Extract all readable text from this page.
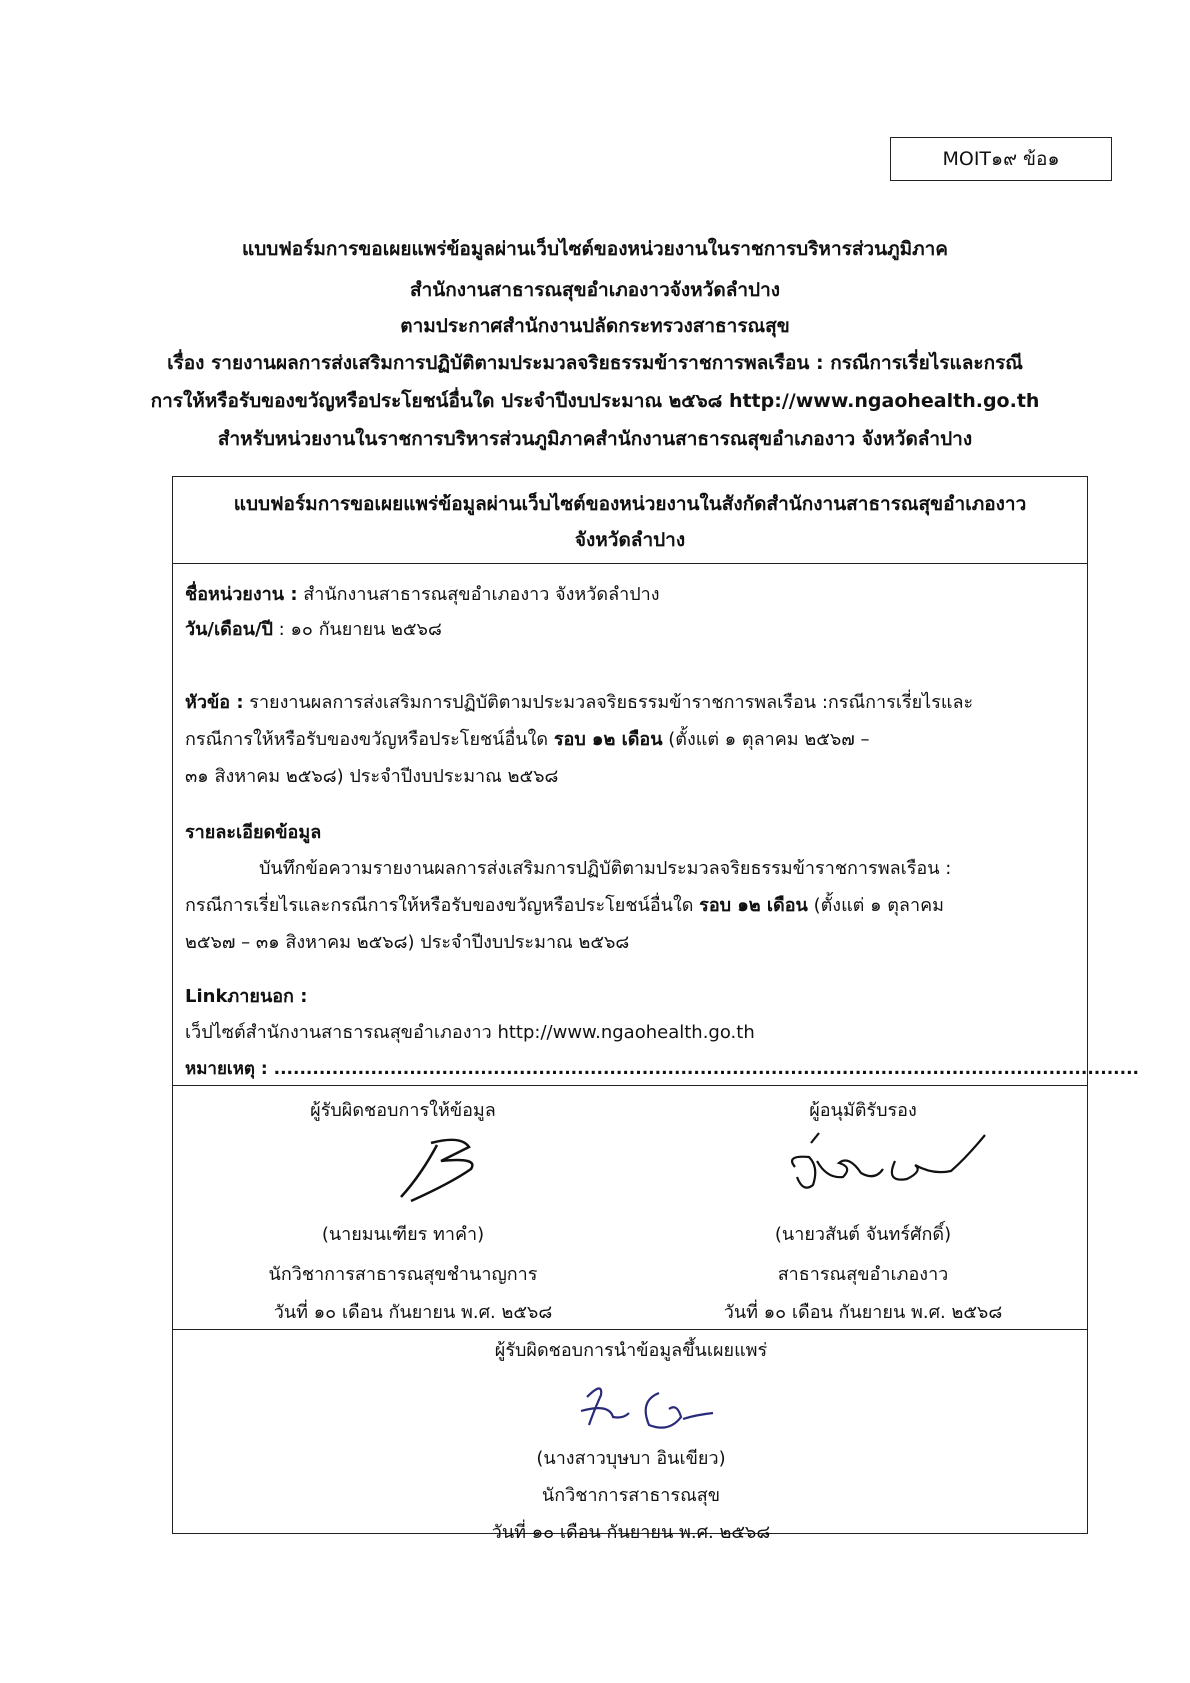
MOIT๑๙ ข้อ๑
แบบฟอร์มการขอเผยแพร่ข้อมูลผ่านเว็บไซต์ของหน่วยงานในราชการบริหารส่วนภูมิภาค
สำนักงานสาธารณสุขอำเภองาวจังหวัดลำปาง
ตามประกาศสำนักงานปลัดกระทรวงสาธารณสุข
เรื่อง รายงานผลการส่งเสริมการปฏิบัติตามประมวลจริยธรรมข้าราชการพลเรือน : กรณีการเรี่ยไรและกรณี
การให้หรือรับของขวัญหรือประโยชน์อื่นใด ประจำปีงบประมาณ ๒๕๖๘ http://www.ngaohealth.go.th
สำหรับหน่วยงานในราชการบริหารส่วนภูมิภาคสำนักงานสาธารณสุขอำเภองาว จังหวัดลำปาง
แบบฟอร์มการขอเผยแพร่ข้อมูลผ่านเว็บไซต์ของหน่วยงานในสังกัดสำนักงานสาธารณสุขอำเภองาว
จังหวัดลำปาง
ชื่อหน่วยงาน : สำนักงานสาธารณสุขอำเภองาว จังหวัดลำปาง
วัน/เดือน/ปี : ๑๐ กันยายน ๒๕๖๘
หัวข้อ : รายงานผลการส่งเสริมการปฏิบัติตามประมวลจริยธรรมข้าราชการพลเรือน :กรณีการเรี่ยไรและ
กรณีการให้หรือรับของขวัญหรือประโยชน์อื่นใด รอบ ๑๒ เดือน (ตั้งแต่ ๑ ตุลาคม ๒๕๖๗ –
๓๑ สิงหาคม ๒๕๖๘) ประจำปีงบประมาณ ๒๕๖๘
รายละเอียดข้อมูล
บันทึกข้อความรายงานผลการส่งเสริมการปฏิบัติตามประมวลจริยธรรมข้าราชการพลเรือน :
กรณีการเรี่ยไรและกรณีการให้หรือรับของขวัญหรือประโยชน์อื่นใด รอบ ๑๒ เดือน (ตั้งแต่ ๑ ตุลาคม
๒๕๖๗ – ๓๑ สิงหาคม ๒๕๖๘) ประจำปีงบประมาณ ๒๕๖๘
Linkภายนอก :
เว็ปไซต์สำนักงานสาธารณสุขอำเภองาว http://www.ngaohealth.go.th
หมายเหตุ : ......................................................................................................................................
ผู้รับผิดชอบการให้ข้อมูล
(นายมนเฑียร ทาคำ)
นักวิชาการสาธารณสุขชำนาญการ
วันที่ ๑๐ เดือน กันยายน พ.ศ. ๒๕๖๘
ผู้อนุมัติรับรอง
(นายวสันต์ จันทร์ศักดิ์)
สาธารณสุขอำเภองาว
วันที่ ๑๐ เดือน กันยายน พ.ศ. ๒๕๖๘
ผู้รับผิดชอบการนำข้อมูลขึ้นเผยแพร่
(นางสาวบุษบา อินเขียว)
นักวิชาการสาธารณสุข
วันที่ ๑๐ เดือน กันยายน พ.ศ. ๒๕๖๘
